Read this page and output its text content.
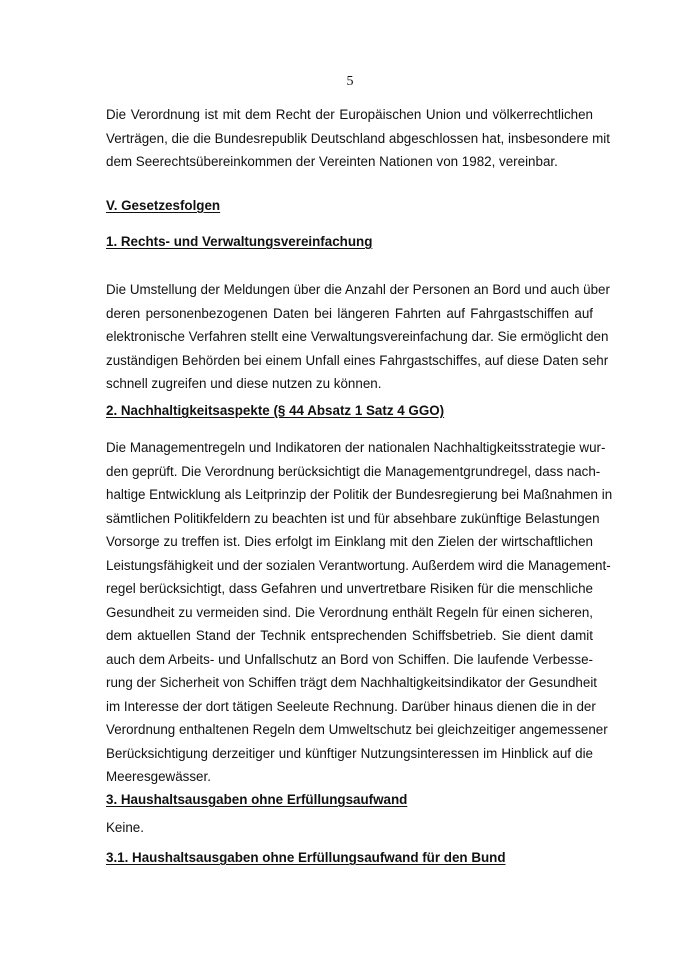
5
Die Verordnung ist mit dem Recht der Europäischen Union und völkerrechtlichen
Verträgen, die die Bundesrepublik Deutschland abgeschlossen hat, insbesondere mit
dem Seerechtsübereinkommen der Vereinten Nationen von 1982, vereinbar.
V. Gesetzesfolgen
1. Rechts- und Verwaltungsvereinfachung
Die Umstellung der Meldungen über die Anzahl der Personen an Bord und auch über
deren personenbezogenen Daten bei längeren Fahrten auf Fahrgastschiffen auf
elektronische Verfahren stellt eine Verwaltungsvereinfachung dar. Sie ermöglicht den
zuständigen Behörden bei einem Unfall eines Fahrgastschiffes, auf diese Daten sehr
schnell zugreifen und diese nutzen zu können.
2. Nachhaltigkeitsaspekte (§ 44 Absatz 1 Satz 4 GGO)
Die Managementregeln und Indikatoren der nationalen Nachhaltigkeitsstrategie wur-
den geprüft. Die Verordnung berücksichtigt die Managementgrundregel, dass nach-
haltige Entwicklung als Leitprinzip der Politik der Bundesregierung bei Maßnahmen in
sämtlichen Politikfeldern zu beachten ist und für absehbare zukünftige Belastungen
Vorsorge zu treffen ist. Dies erfolgt im Einklang mit den Zielen der wirtschaftlichen
Leistungsfähigkeit und der sozialen Verantwortung. Außerdem wird die Management-
regel berücksichtigt, dass Gefahren und unvertretbare Risiken für die menschliche
Gesundheit zu vermeiden sind. Die Verordnung enthält Regeln für einen sicheren,
dem aktuellen Stand der Technik entsprechenden Schiffsbetrieb. Sie dient damit
auch dem Arbeits- und Unfallschutz an Bord von Schiffen. Die laufende Verbesse-
rung der Sicherheit von Schiffen trägt dem Nachhaltigkeitsindikator der Gesundheit
im Interesse der dort tätigen Seeleute Rechnung. Darüber hinaus dienen die in der
Verordnung enthaltenen Regeln dem Umweltschutz bei gleichzeitiger angemessener
Berücksichtigung derzeitiger und künftiger Nutzungsinteressen im Hinblick auf die
Meeresgewässer.
3. Haushaltsausgaben ohne Erfüllungsaufwand
Keine.
3.1. Haushaltsausgaben ohne Erfüllungsaufwand für den Bund
